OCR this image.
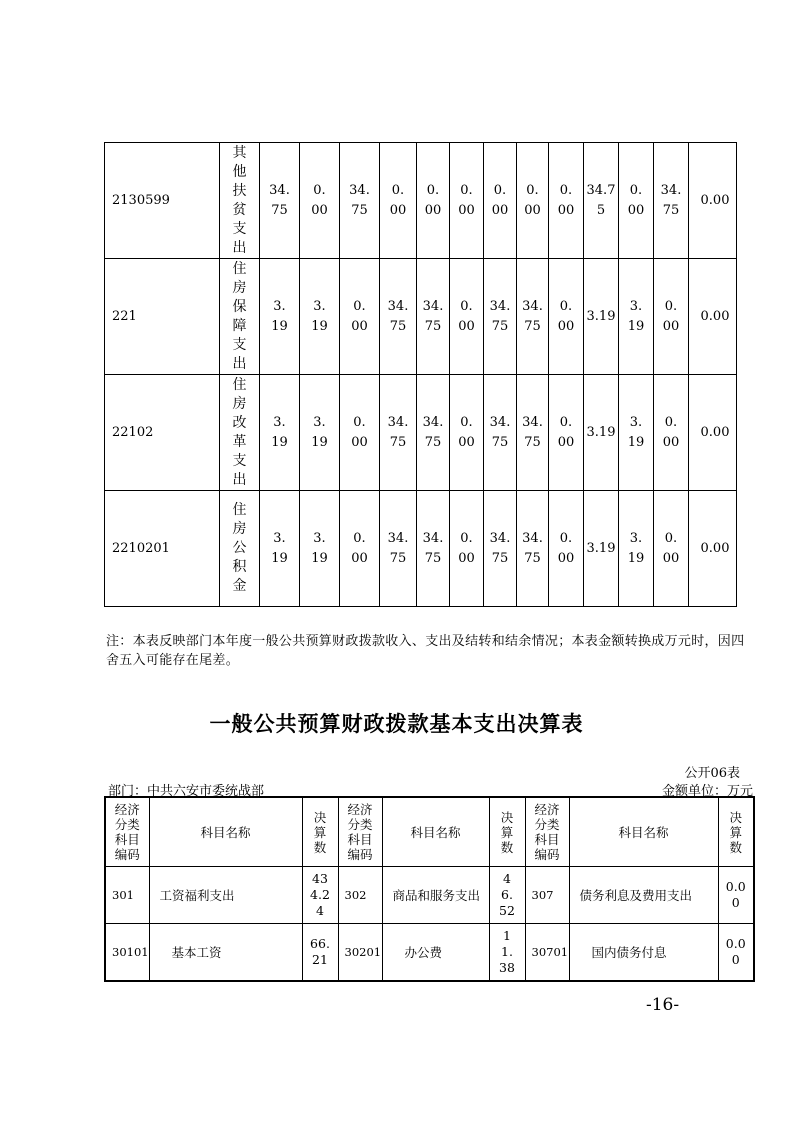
2130599	其他扶贫支出	34.75	0.00	34.75	0.00	0.00	0.00	0.00	0.00	0.00	34.75	0.00	34.75	0.00

221	住房保障支出	3.19	3.19	0.00	34.75	34.75	0.00	34.75	34.75	0.00	3.19	3.19	0.00	0.00

22102	住房改革支出	3.19	3.19	0.00	34.75	34.75	0.00	34.75	34.75	0.00	3.19	3.19	0.00	0.00

2210201	住房公积金	3.19	3.19	0.00	34.75	34.75	0.00	34.75	34.75	0.00	3.19	3.19	0.00	0.00
注：本表反映部门本年度一般公共预算财政拨款收入、支出及结转和结余情况；本表金额转换成万元时，因四舍五入可能存在尾差。
一般公共预算财政拨款基本支出决算表
公开06表
部门：中共六安市委统战部	金额单位：万元
经济分类科目编码	科目名称	决算数	经济分类科目编码	科目名称	决算数	经济分类科目编码	科目名称	决算数

301	工资福利支出	434.24	302	商品和服务支出	46.52	307	债务利息及费用支出	0.00

30101	基本工资	66.21	30201	办公费	11.38	30701	国内债务付息	0.00
-16-
